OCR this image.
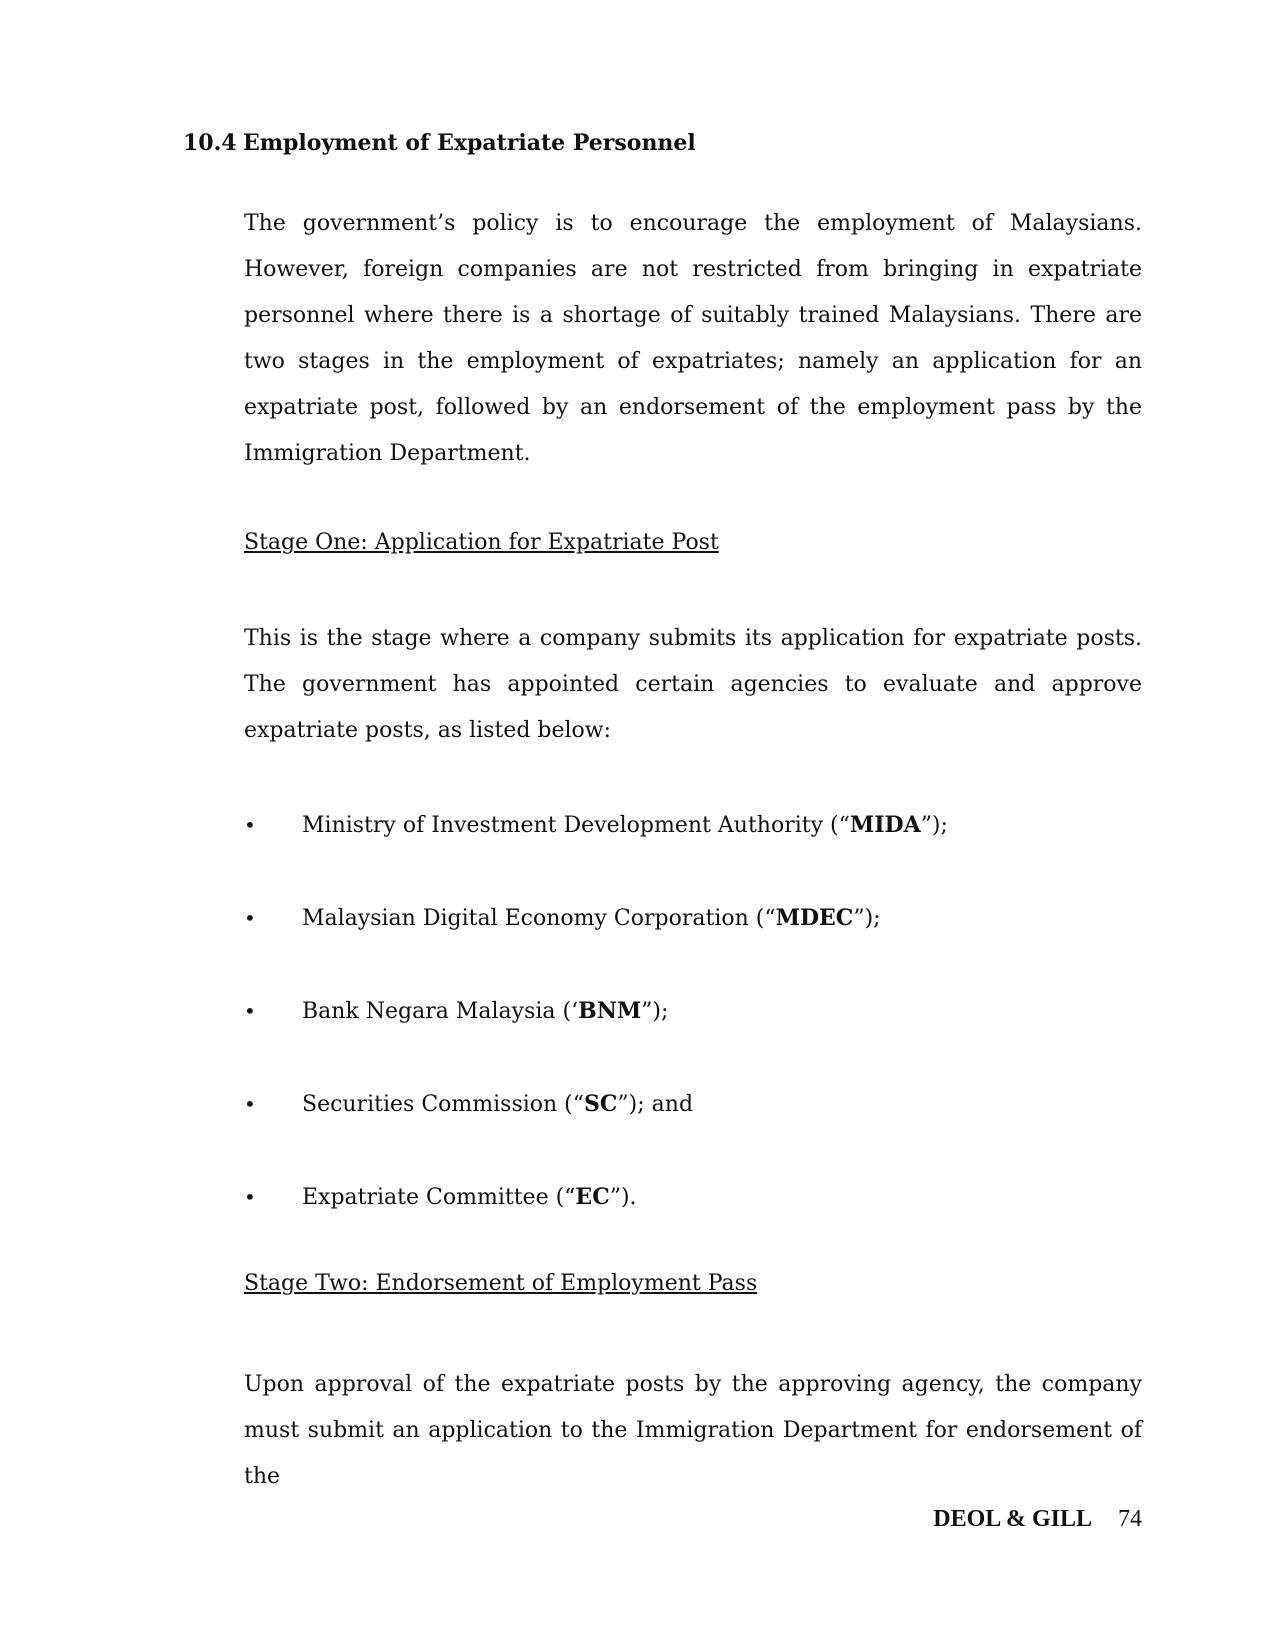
10.4 Employment of Expatriate Personnel

The government’s policy is to encourage the employment of Malaysians. However, foreign companies are not restricted from bringing in expatriate personnel where there is a shortage of suitably trained Malaysians. There are two stages in the employment of expatriates; namely an application for an expatriate post, followed by an endorsement of the employment pass by the Immigration Department.

Stage One: Application for Expatriate Post

This is the stage where a company submits its application for expatriate posts. The government has appointed certain agencies to evaluate and approve expatriate posts, as listed below:

• Ministry of Investment Development Authority (“MIDA”);
• Malaysian Digital Economy Corporation (“MDEC”);
• Bank Negara Malaysia (‘BNM”);
• Securities Commission (“SC”); and
• Expatriate Committee (“EC”).
Stage Two: Endorsement of Employment Pass

Upon approval of the expatriate posts by the approving agency, the company must submit an application to the Immigration Department for endorsement of the

DEOL & GILL 74
